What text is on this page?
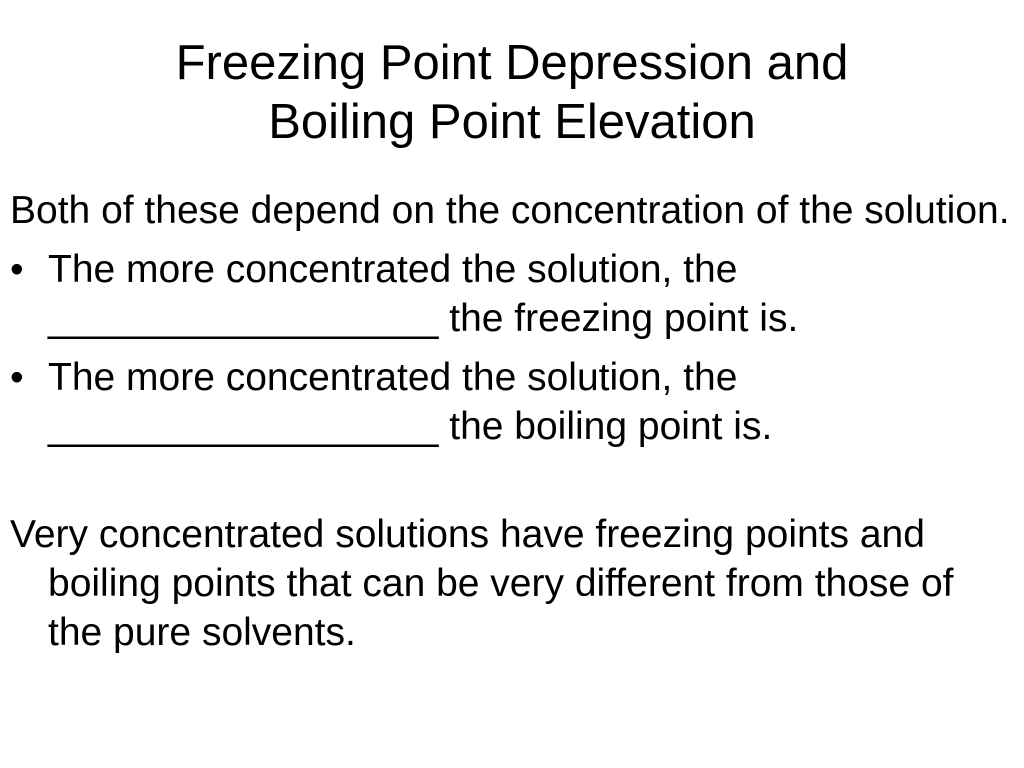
Freezing Point Depression and
Boiling Point Elevation

Both of these depend on the concentration of the solution.

• The more concentrated the solution, the
__________________ the freezing point is.
• The more concentrated the solution, the
__________________ the boiling point is.

Very concentrated solutions have freezing points and boiling points that can be very different from those of the pure solvents.
